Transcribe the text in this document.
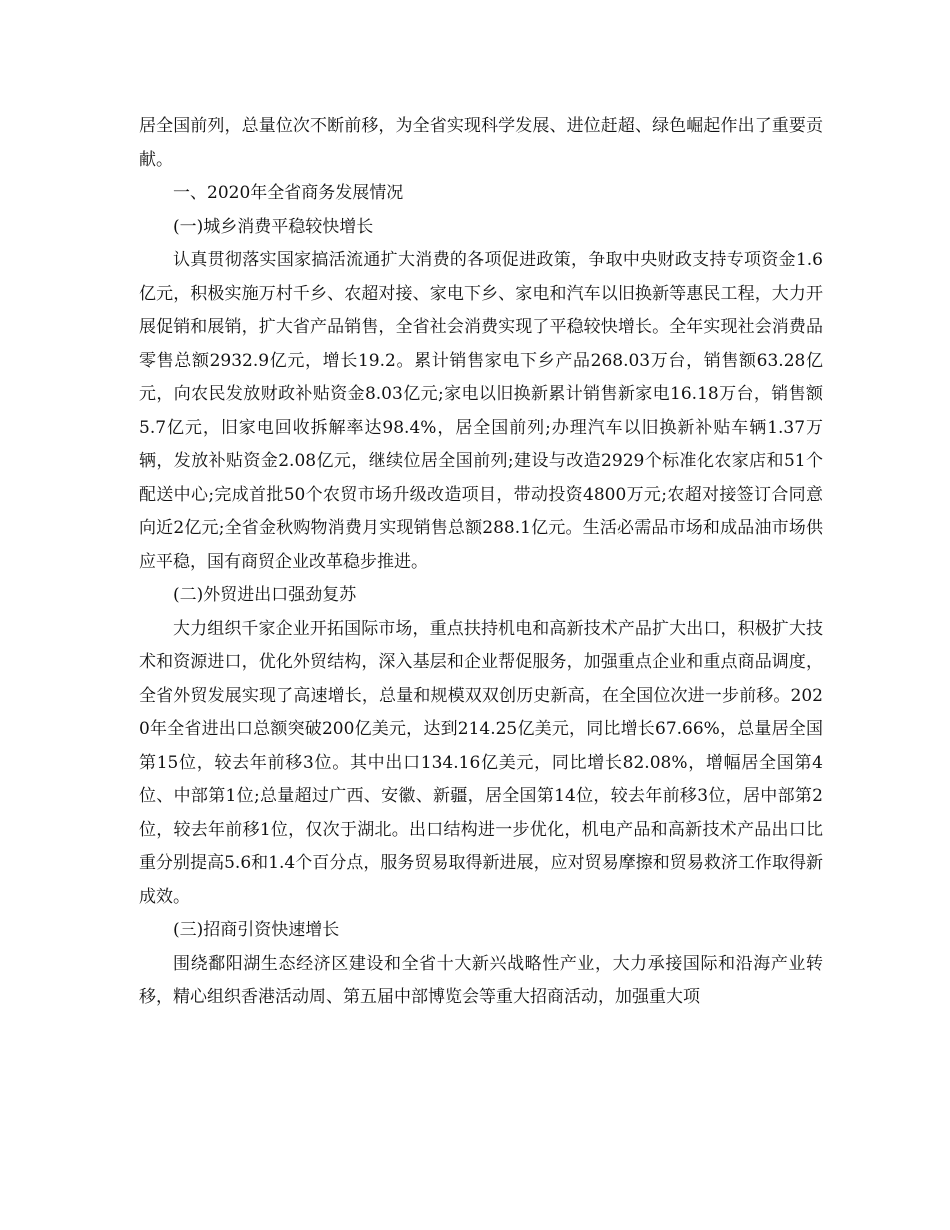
居全国前列，总量位次不断前移，为全省实现科学发展、进位赶超、绿色崛起作出了重要贡献。

一、2020年全省商务发展情况

(一)城乡消费平稳较快增长

认真贯彻落实国家搞活流通扩大消费的各项促进政策，争取中央财政支持专项资金1.6亿元，积极实施万村千乡、农超对接、家电下乡、家电和汽车以旧换新等惠民工程，大力开展促销和展销，扩大省产品销售，全省社会消费实现了平稳较快增长。全年实现社会消费品零售总额2932.9亿元，增长19.2。累计销售家电下乡产品268.03万台，销售额63.28亿元，向农民发放财政补贴资金8.03亿元;家电以旧换新累计销售新家电16.18万台，销售额5.7亿元，旧家电回收拆解率达98.4%，居全国前列;办理汽车以旧换新补贴车辆1.37万辆，发放补贴资金2.08亿元，继续位居全国前列;建设与改造2929个标准化农家店和51个配送中心;完成首批50个农贸市场升级改造项目，带动投资4800万元;农超对接签订合同意向近2亿元;全省金秋购物消费月实现销售总额288.1亿元。生活必需品市场和成品油市场供应平稳，国有商贸企业改革稳步推进。

(二)外贸进出口强劲复苏

大力组织千家企业开拓国际市场，重点扶持机电和高新技术产品扩大出口，积极扩大技术和资源进口，优化外贸结构，深入基层和企业帮促服务，加强重点企业和重点商品调度，全省外贸发展实现了高速增长，总量和规模双双创历史新高，在全国位次进一步前移。2020年全省进出口总额突破200亿美元，达到214.25亿美元，同比增长67.66%，总量居全国第15位，较去年前移3位。其中出口134.16亿美元，同比增长82.08%，增幅居全国第4位、中部第1位;总量超过广西、安徽、新疆，居全国第14位，较去年前移3位，居中部第2位，较去年前移1位，仅次于湖北。出口结构进一步优化，机电产品和高新技术产品出口比重分别提高5.6和1.4个百分点，服务贸易取得新进展，应对贸易摩擦和贸易救济工作取得新成效。

(三)招商引资快速增长

围绕鄱阳湖生态经济区建设和全省十大新兴战略性产业，大力承接国际和沿海产业转移，精心组织香港活动周、第五届中部博览会等重大招商活动，加强重大项
